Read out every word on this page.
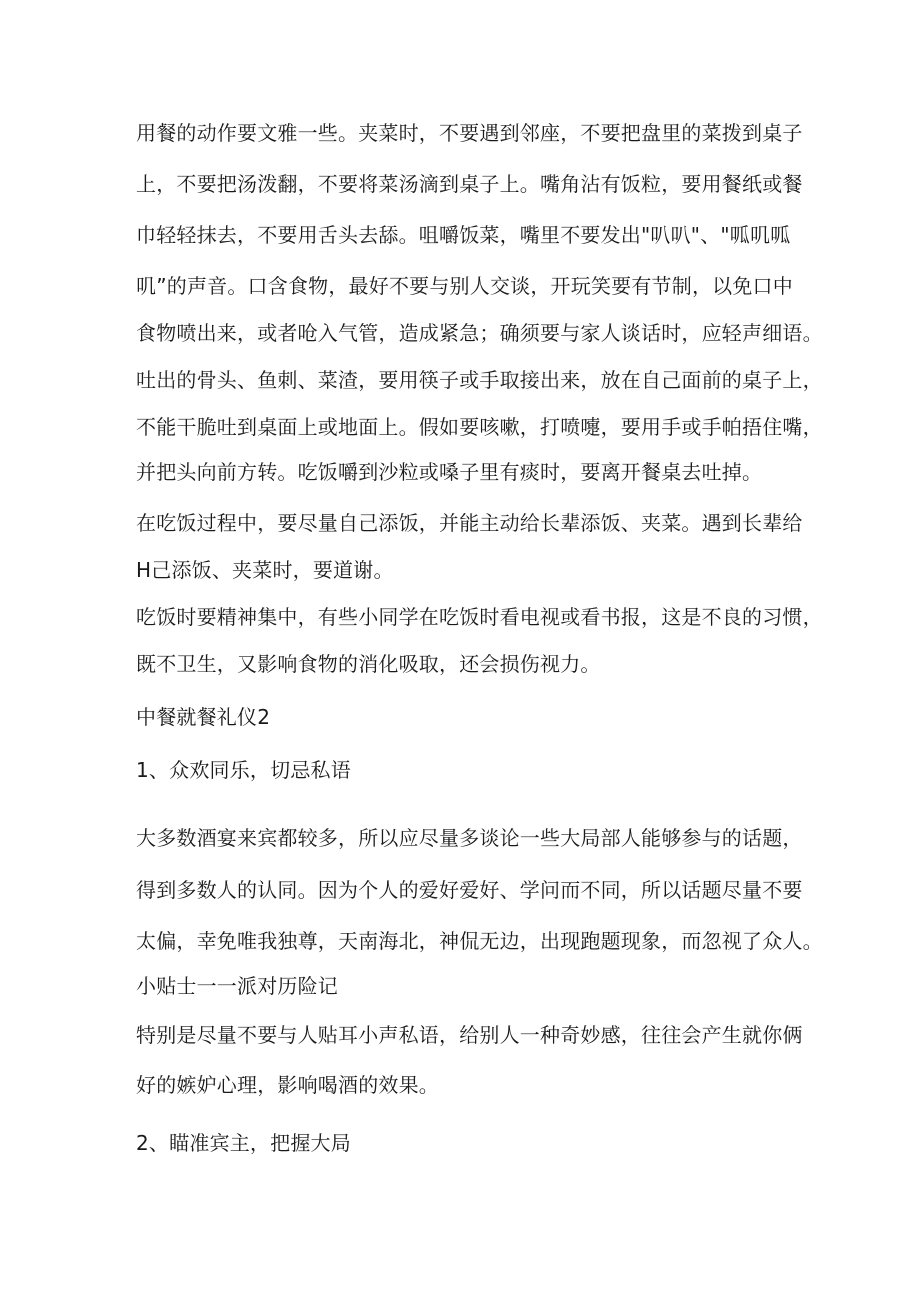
用餐的动作要文雅一些。夹菜时，不要遇到邻座，不要把盘里的菜拨到桌子

上，不要把汤泼翻，不要将菜汤滴到桌子上。嘴角沾有饭粒，要用餐纸或餐

巾轻轻抹去，不要用舌头去舔。咀嚼饭菜，嘴里不要发出"叭叭"、"呱叽呱

叽”的声音。口含食物，最好不要与别人交谈，开玩笑要有节制，以免口中

食物喷出来，或者呛入气管，造成紧急；确须要与家人谈话时，应轻声细语。

吐出的骨头、鱼刺、菜渣，要用筷子或手取接出来，放在自己面前的桌子上，

不能干脆吐到桌面上或地面上。假如要咳嗽，打喷嚏，要用手或手帕捂住嘴，

并把头向前方转。吃饭嚼到沙粒或嗓子里有痰时，要离开餐桌去吐掉。

在吃饭过程中，要尽量自己添饭，并能主动给长辈添饭、夹菜。遇到长辈给

H己添饭、夹菜时，要道谢。

吃饭时要精神集中，有些小同学在吃饭时看电视或看书报，这是不良的习惯，

既不卫生，又影响食物的消化吸取，还会损伤视力。

中餐就餐礼仪2

1、众欢同乐，切忌私语

大多数酒宴来宾都较多，所以应尽量多谈论一些大局部人能够参与的话题，

得到多数人的认同。因为个人的爱好爱好、学问而不同，所以话题尽量不要

太偏，幸免唯我独尊，天南海北，神侃无边，出现跑题现象，而忽视了众人。

小贴士一一派对历险记

特别是尽量不要与人贴耳小声私语，给别人一种奇妙感，往往会产生就你俩

好的嫉妒心理，影响喝酒的效果。

2、瞄准宾主，把握大局
